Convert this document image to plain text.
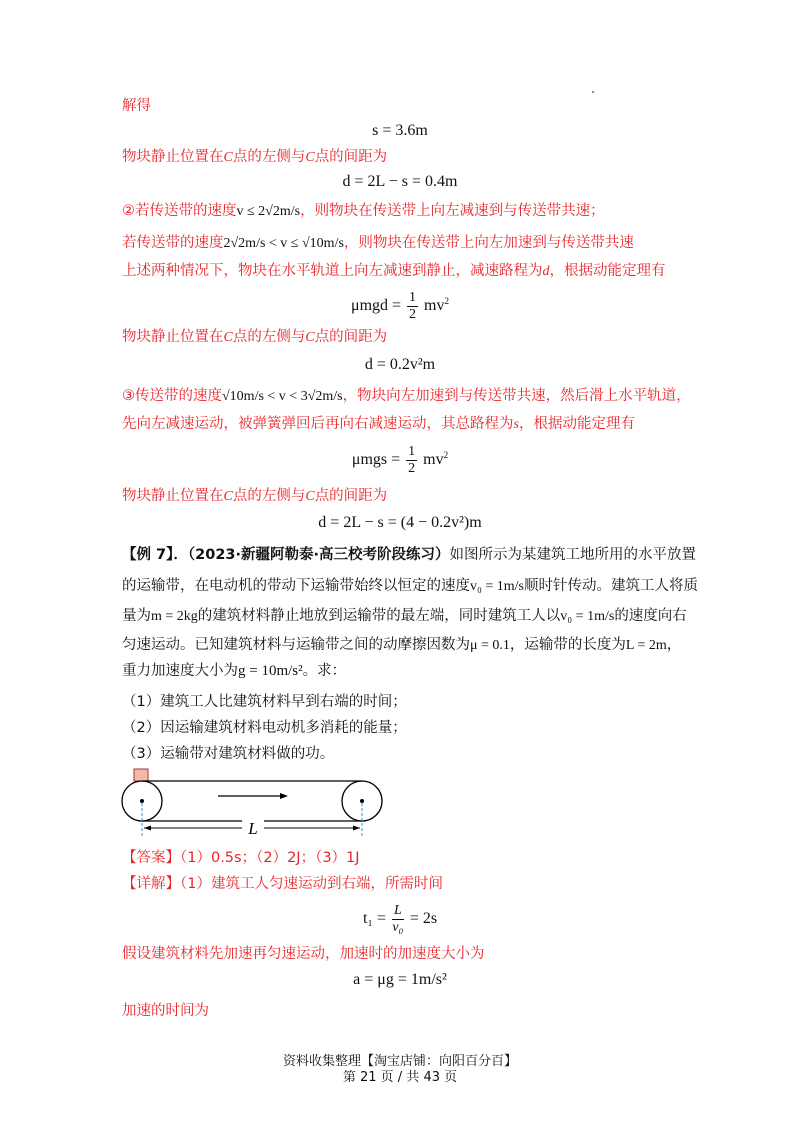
解得
s = 3.6m
物块静止位置在C点的左侧与C点的间距为
d = 2L − s = 0.4m
②若传送带的速度v ≤ 2√2m/s，则物块在传送带上向左减速到与传送带共速；
若传送带的速度2√2m/s < v ≤ √10m/s，则物块在传送带上向左加速到与传送带共速
上述两种情况下，物块在水平轨道上向左减速到静止，减速路程为d，根据动能定理有
$\mu mgd = \frac{1}{2} mv^2$
物块静止位置在C点的左侧与C点的间距为
d = 0.2v²m
③传送带的速度√10m/s < v < 3√2m/s，物块向左加速到与传送带共速，然后滑上水平轨道，
先向左减速运动，被弹簧弹回后再向右减速运动，其总路程为s，根据动能定理有
$\mu mgs = \frac{1}{2} mv^2$
物块静止位置在C点的左侧与C点的间距为
d = 2L − s = (4 − 0.2v²)m
【例 7】．（2023·新疆阿勒泰·高三校考阶段练习）如图所示为某建筑工地所用的水平放置
的运输带，在电动机的带动下运输带始终以恒定的速度v₀ = 1m/s顺时针传动。建筑工人将质
量为m = 2kg的建筑材料静止地放到运输带的最左端，同时建筑工人以v₀ = 1m/s的速度向右
匀速运动。已知建筑材料与运输带之间的动摩擦因数为μ = 0.1，运输带的长度为L = 2m，
重力加速度大小为g = 10m/s²。求：
（1）建筑工人比建筑材料早到右端的时间；
（2）因运输建筑材料电动机多消耗的能量；
（3）运输带对建筑材料做的功。
L
【答案】（1）0.5s；（2）2J；（3）1J
【详解】（1）建筑工人匀速运动到右端，所需时间
$t_1 = \frac{L}{\text{v₀}} = 2s$
假设建筑材料先加速再匀速运动，加速时的加速度大小为
a = μg = 1m/s²
加速的时间为
资料收集整理【淘宝店铺：向阳百分百】
第 21 页 / 共 43 页
